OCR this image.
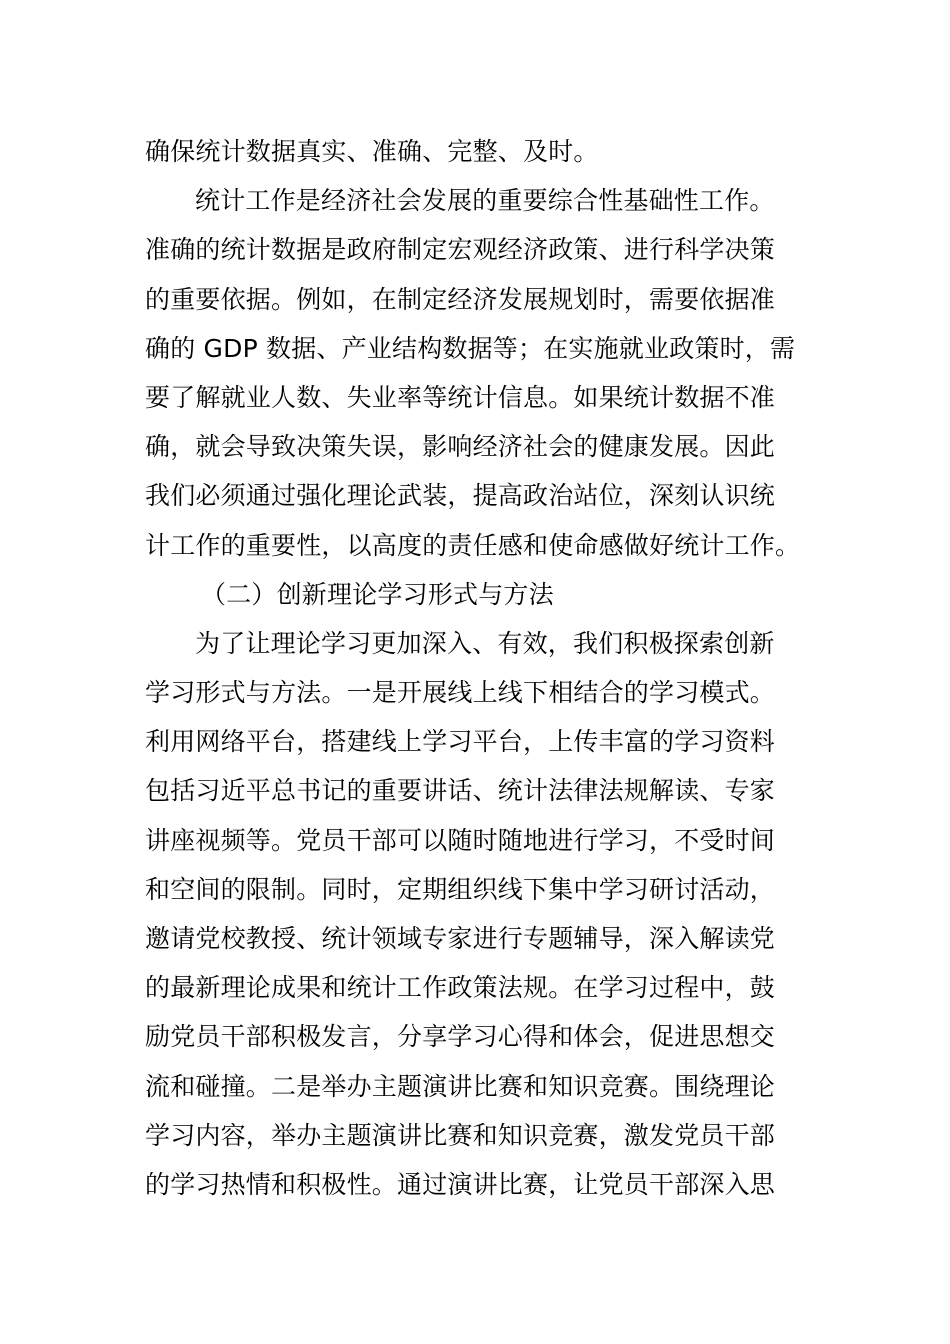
确保统计数据真实、准确、完整、及时。
统计工作是经济社会发展的重要综合性基础性工作。
准确的统计数据是政府制定宏观经济政策、进行科学决策
的重要依据。例如，在制定经济发展规划时，需要依据准
确的 GDP 数据、产业结构数据等；在实施就业政策时，需
要了解就业人数、失业率等统计信息。如果统计数据不准
确，就会导致决策失误，影响经济社会的健康发展。因此
我们必须通过强化理论武装，提高政治站位，深刻认识统
计工作的重要性，以高度的责任感和使命感做好统计工作。
（二）创新理论学习形式与方法
为了让理论学习更加深入、有效，我们积极探索创新
学习形式与方法。一是开展线上线下相结合的学习模式。
利用网络平台，搭建线上学习平台，上传丰富的学习资料
包括习近平总书记的重要讲话、统计法律法规解读、专家
讲座视频等。党员干部可以随时随地进行学习，不受时间
和空间的限制。同时，定期组织线下集中学习研讨活动，
邀请党校教授、统计领域专家进行专题辅导，深入解读党
的最新理论成果和统计工作政策法规。在学习过程中，鼓
励党员干部积极发言，分享学习心得和体会，促进思想交
流和碰撞。二是举办主题演讲比赛和知识竞赛。围绕理论
学习内容，举办主题演讲比赛和知识竞赛，激发党员干部
的学习热情和积极性。通过演讲比赛，让党员干部深入思
